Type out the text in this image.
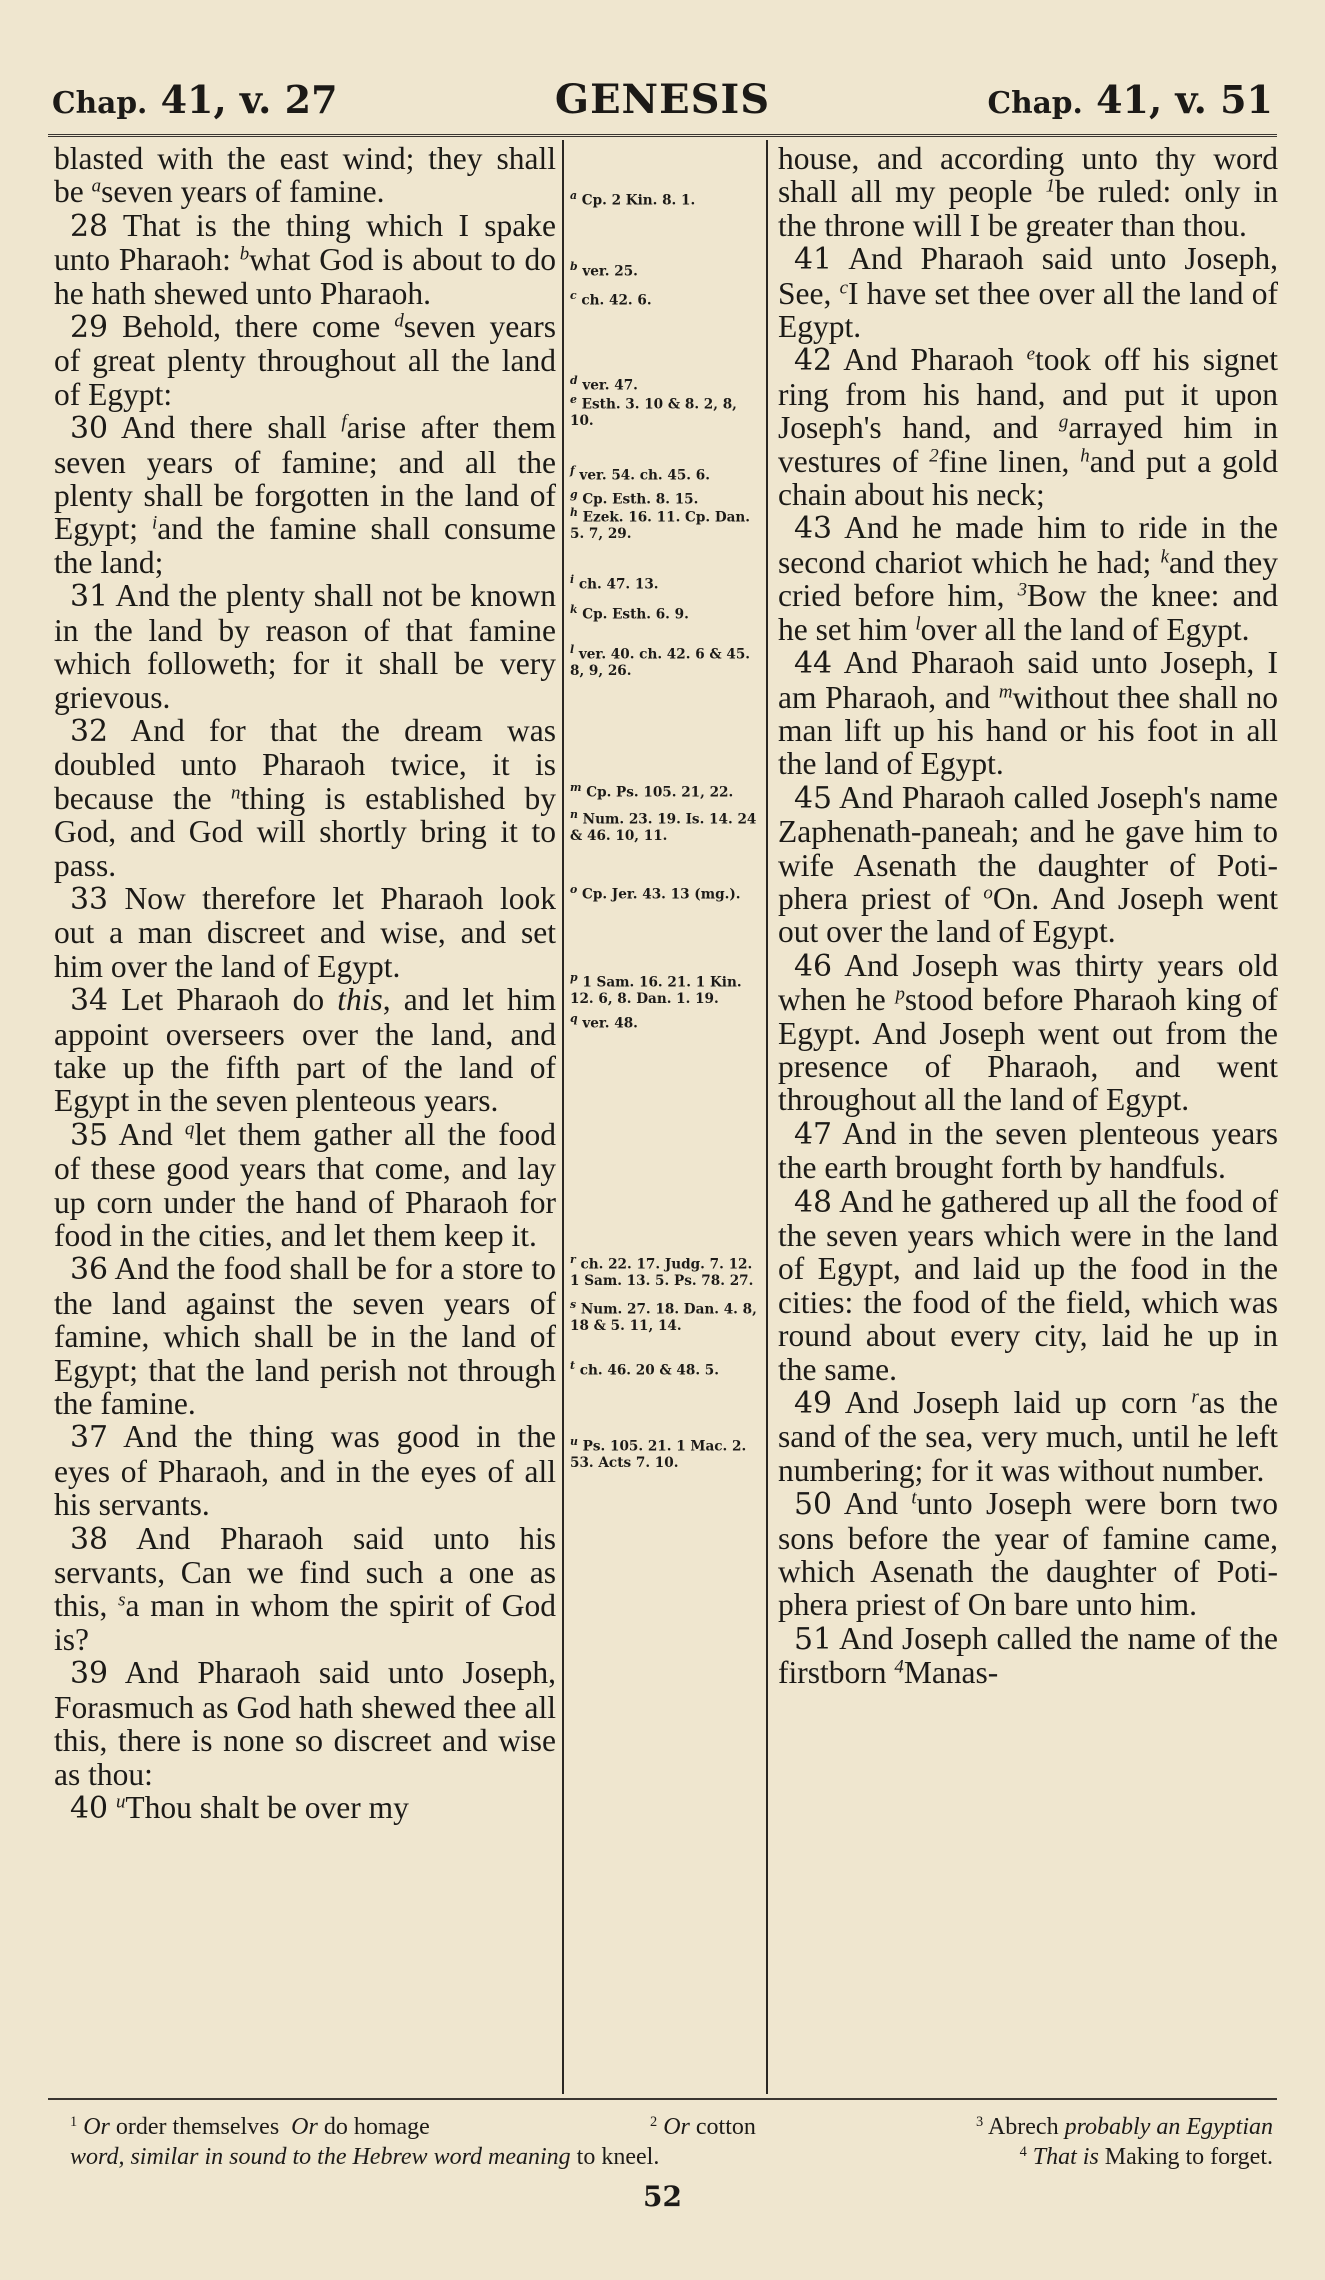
Chap. 41, v. 27	GENESIS	Chap. 41, v. 51

blasted with the east wind; they shall be $^a$seven years of famine.

28 That is the thing which I spake unto Pharaoh: $^b$what God is about to do he hath shewed unto Pharaoh.

29 Behold, there come $^d$seven years of great plenty throughout all the land of Egypt:

30 And there shall $^f$arise after them seven years of famine; and all the plenty shall be forgotten in the land of Egypt; $^i$and the famine shall consume the land;

31 And the plenty shall not be known in the land by reason of that famine which followeth; for it shall be very grievous.

32 And for that the dream was doubled unto Pharaoh twice, it is because the $^n$thing is established by God, and God will shortly bring it to pass.

33 Now therefore let Pharaoh look out a man discreet and wise, and set him over the land of Egypt.

34 Let Pharaoh do this, and let him appoint overseers over the land, and take up the fifth part of the land of Egypt in the seven plenteous years.

35 And $^q$let them gather all the food of these good years that come, and lay up corn under the hand of Pharaoh for food in the cities, and let them keep it.

36 And the food shall be for a store to the land against the seven years of famine, which shall be in the land of Egypt; that the land perish not through the famine.

37 And the thing was good in the eyes of Pharaoh, and in the eyes of all his servants.

38 And Pharaoh said unto his servants, Can we find such a one as this, $^s$a man in whom the spirit of God is?

39 And Pharaoh said unto Joseph, Forasmuch as God hath shewed thee all this, there is none so discreet and wise as thou:

40 $^u$Thou shalt be over my

$^a$ Cp. 2 Kin. 8. 1.
$^b$ ver. 25.
$^c$ ch. 42. 6.
$^d$ ver. 47.
$^e$ Esth. 3. 10 & 8. 2, 8, 10.
$^f$ ver. 54. ch. 45. 6.
$^g$ Cp. Esth. 8. 15.
$^h$ Ezek. 16. 11. Cp. Dan. 5. 7, 29.
$^i$ ch. 47. 13.
$^k$ Cp. Esth. 6. 9.
$^l$ ver. 40. ch. 42. 6 & 45. 8, 9, 26.
$^m$ Cp. Ps. 105. 21, 22.
$^n$ Num. 23. 19. Is. 14. 24 & 46. 10, 11.
$^o$ Cp. Jer. 43. 13 (mg.).
$^p$ 1 Sam. 16. 21. 1 Kin. 12. 6, 8. Dan. 1. 19.
$^q$ ver. 48.
$^r$ ch. 22. 17. Judg. 7. 12. 1 Sam. 13. 5. Ps. 78. 27.
$^s$ Num. 27. 18. Dan. 4. 8, 18 & 5. 11, 14.
$^t$ ch. 46. 20 & 48. 5.
$^u$ Ps. 105. 21. 1 Mac. 2. 53. Acts 7. 10.

house, and according unto thy word shall all my people $^1$be ruled: only in the throne will I be greater than thou.

41 And Pharaoh said unto Joseph, See, $^c$I have set thee over all the land of Egypt.

42 And Pharaoh $^e$took off his signet ring from his hand, and put it upon Joseph's hand, and $^g$arrayed him in vestures of $^2$fine linen, $^h$and put a gold chain about his neck;

43 And he made him to ride in the second chariot which he had; $^k$and they cried before him, $^3$Bow the knee: and he set him $^l$over all the land of Egypt.

44 And Pharaoh said unto Joseph, I am Pharaoh, and $^m$without thee shall no man lift up his hand or his foot in all the land of Egypt.

45 And Pharaoh called Joseph's name Zaphenath-paneah; and he gave him to wife Asenath the daughter of Poti-phera priest of $^o$On. And Joseph went out over the land of Egypt.

46 And Joseph was thirty years old when he $^p$stood before Pharaoh king of Egypt. And Joseph went out from the presence of Pharaoh, and went throughout all the land of Egypt.

47 And in the seven plenteous years the earth brought forth by handfuls.

48 And he gathered up all the food of the seven years which were in the land of Egypt, and laid up the food in the cities: the food of the field, which was round about every city, laid he up in the same.

49 And Joseph laid up corn $^r$as the sand of the sea, very much, until he left numbering; for it was without number.

50 And $^t$unto Joseph were born two sons before the year of famine came, which Asenath the daughter of Poti-phera priest of On bare unto him.

51 And Joseph called the name of the firstborn $^4$Manas-

$^1$ Or order themselves Or do homage	$^2$ Or cotton	$^3$ Abrech probably an Egyptian
word, similar in sound to the Hebrew word meaning to kneel.	$^4$ That is Making to forget.
52
